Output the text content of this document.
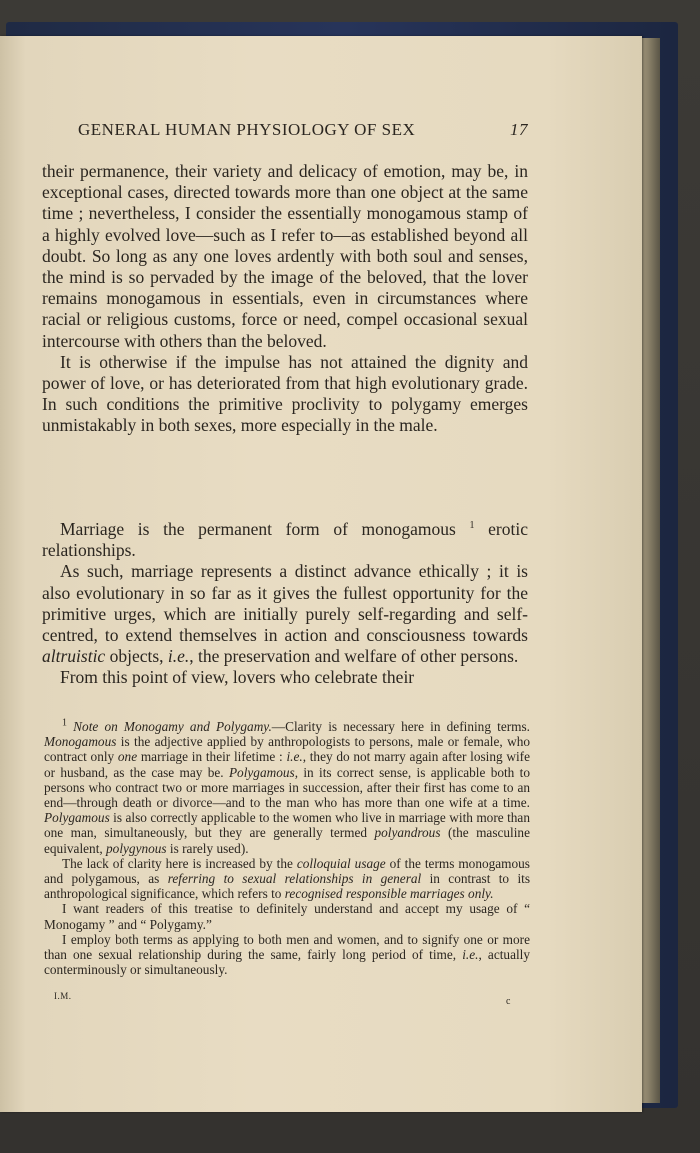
GENERAL HUMAN PHYSIOLOGY OF SEX	17

their permanence, their variety and delicacy of emotion, may be, in exceptional cases, directed towards more than one object at the same time ; nevertheless, I consider the essentially monogamous stamp of a highly evolved love—such as I refer to—as established beyond all doubt. So long as any one loves ardently with both soul and senses, the mind is so pervaded by the image of the beloved, that the lover remains monogamous in essentials, even in circumstances where racial or religious customs, force or need, compel occasional sexual intercourse with others than the beloved.

It is otherwise if the impulse has not attained the dignity and power of love, or has deteriorated from that high evolutionary grade. In such conditions the primitive proclivity to polygamy emerges unmistakably in both sexes, more especially in the male.

Marriage is the permanent form of monogamous $^1$ erotic relationships.

As such, marriage represents a distinct advance ethically ; it is also evolutionary in so far as it gives the fullest opportunity for the primitive urges, which are initially purely self-regarding and self-centred, to extend themselves in action and consciousness towards altruistic objects, i.e., the preservation and welfare of other persons.

From this point of view, lovers who celebrate their

$^1$ Note on Monogamy and Polygamy.—Clarity is necessary here in defining terms. Monogamous is the adjective applied by anthropologists to persons, male or female, who contract only one marriage in their lifetime : i.e., they do not marry again after losing wife or husband, as the case may be. Polygamous, in its correct sense, is applicable both to persons who contract two or more marriages in succession, after their first has come to an end—through death or divorce—and to the man who has more than one wife at a time. Polygamous is also correctly applicable to the women who live in marriage with more than one man, simultaneously, but they are generally termed polyandrous (the masculine equivalent, polygynous is rarely used).

The lack of clarity here is increased by the colloquial usage of the terms monogamous and polygamous, as referring to sexual relationships in general in contrast to its anthropological significance, which refers to recognised responsible marriages only.

I want readers of this treatise to definitely understand and accept my usage of “ Monogamy ” and “ Polygamy.”

I employ both terms as applying to both men and women, and to signify one or more than one sexual relationship during the same, fairly long period of time, i.e., actually conterminously or simultaneously.

I.M.	c
